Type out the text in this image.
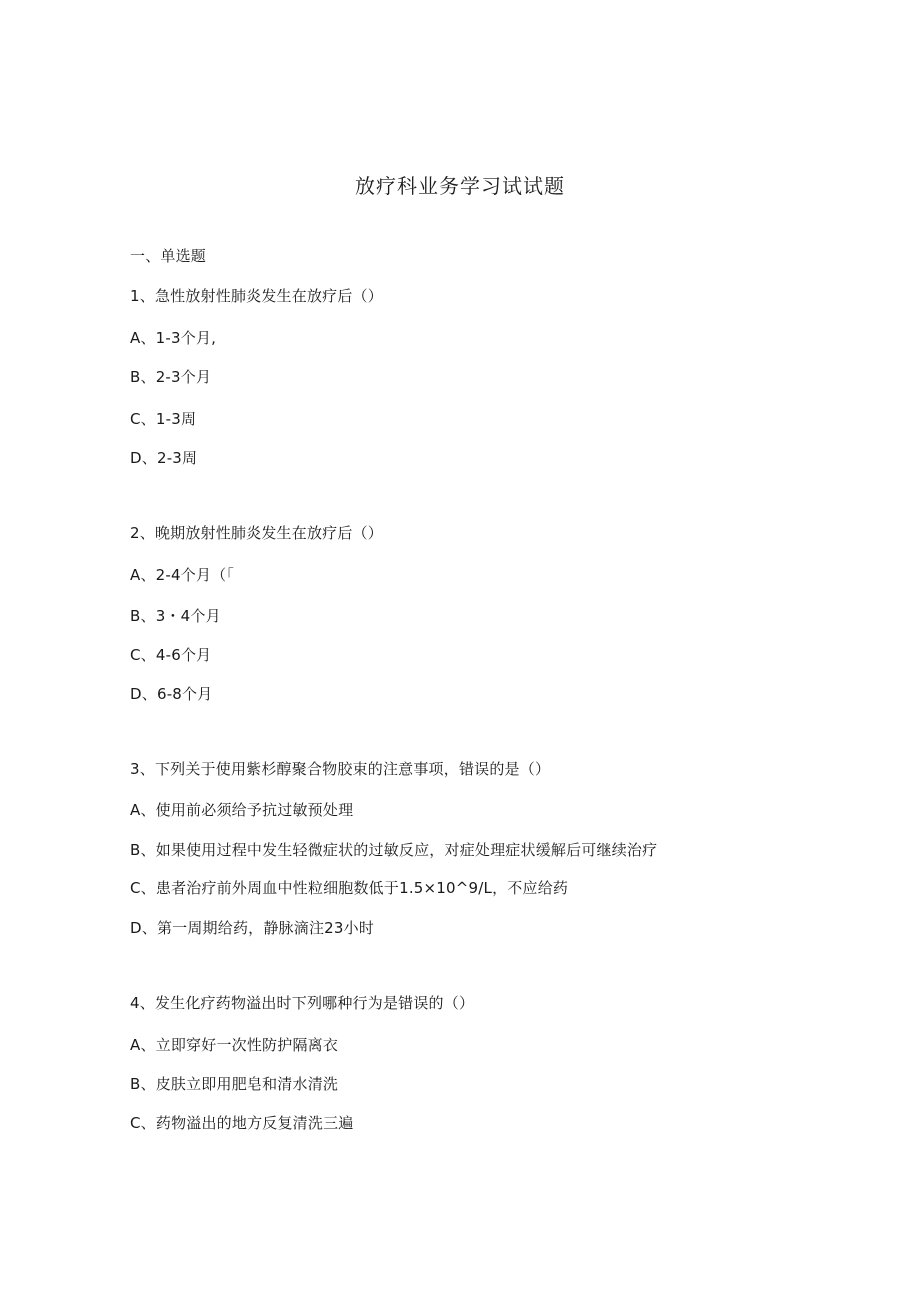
放疗科业务学习试试题
一、单选题
1、急性放射性肺炎发生在放疗后（）
A、1-3个月,
B、2-3个月
C、1-3周
D、2-3周
2、晚期放射性肺炎发生在放疗后（）
A、2-4个月（「
B、3・4个月
C、4-6个月
D、6-8个月
3、下列关于使用紫杉醇聚合物胶束的注意事项，错误的是（）
A、使用前必须给予抗过敏预处理
B、如果使用过程中发生轻微症状的过敏反应，对症处理症状缓解后可继续治疗
C、患者治疗前外周血中性粒细胞数低于1.5×10^9/L，不应给药
D、第一周期给药，静脉滴注23小时
4、发生化疗药物溢出时下列哪种行为是错误的（）
A、立即穿好一次性防护隔离衣
B、皮肤立即用肥皂和清水清洗
C、药物溢出的地方反复清洗三遍
